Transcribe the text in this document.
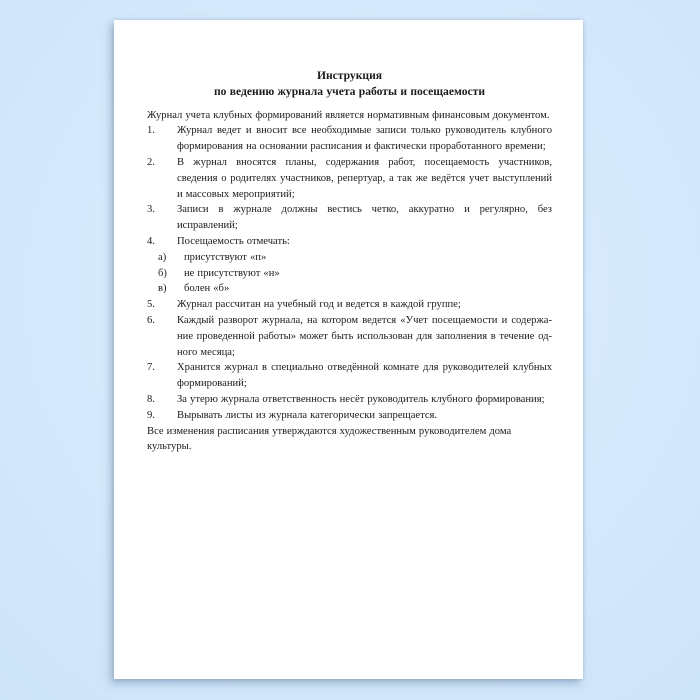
Инструкция
по ведению журнала учета работы и посещаемости
Журнал учета клубных формирований является нормативным финансовым документом.
1.	Журнал ведет и вносит все необходимые записи только руководитель клубного формирования на основании расписания и фактически проработанного времени;
2.	В журнал вносятся планы, содержания работ, посещаемость участников, сведения о родителях участников, репертуар, а так же ведётся учет выступлений и массовых мероприятий;
3.	Записи в журнале должны вестись четко, аккуратно и регулярно, без исправлений;
4.	Посещаемость отмечать:
а)	присутствуют «п»
б)	не присутствуют «н»
в)	болен «б»
5.	Журнал рассчитан на учебный год и ведется в каждой группе;
6.	Каждый разворот журнала, на котором ведется «Учет посещаемости и содержание проведенной работы» может быть использован для заполнения в течение одного месяца;
7.	Хранится журнал в специально отведённой комнате для руководителей клубных формирований;
8.	За утерю журнала ответственность несёт руководитель клубного формирования;
9.	Вырывать листы из журнала категорически запрещается.
Все изменения расписания утверждаются художественным руководителем дома культуры.
